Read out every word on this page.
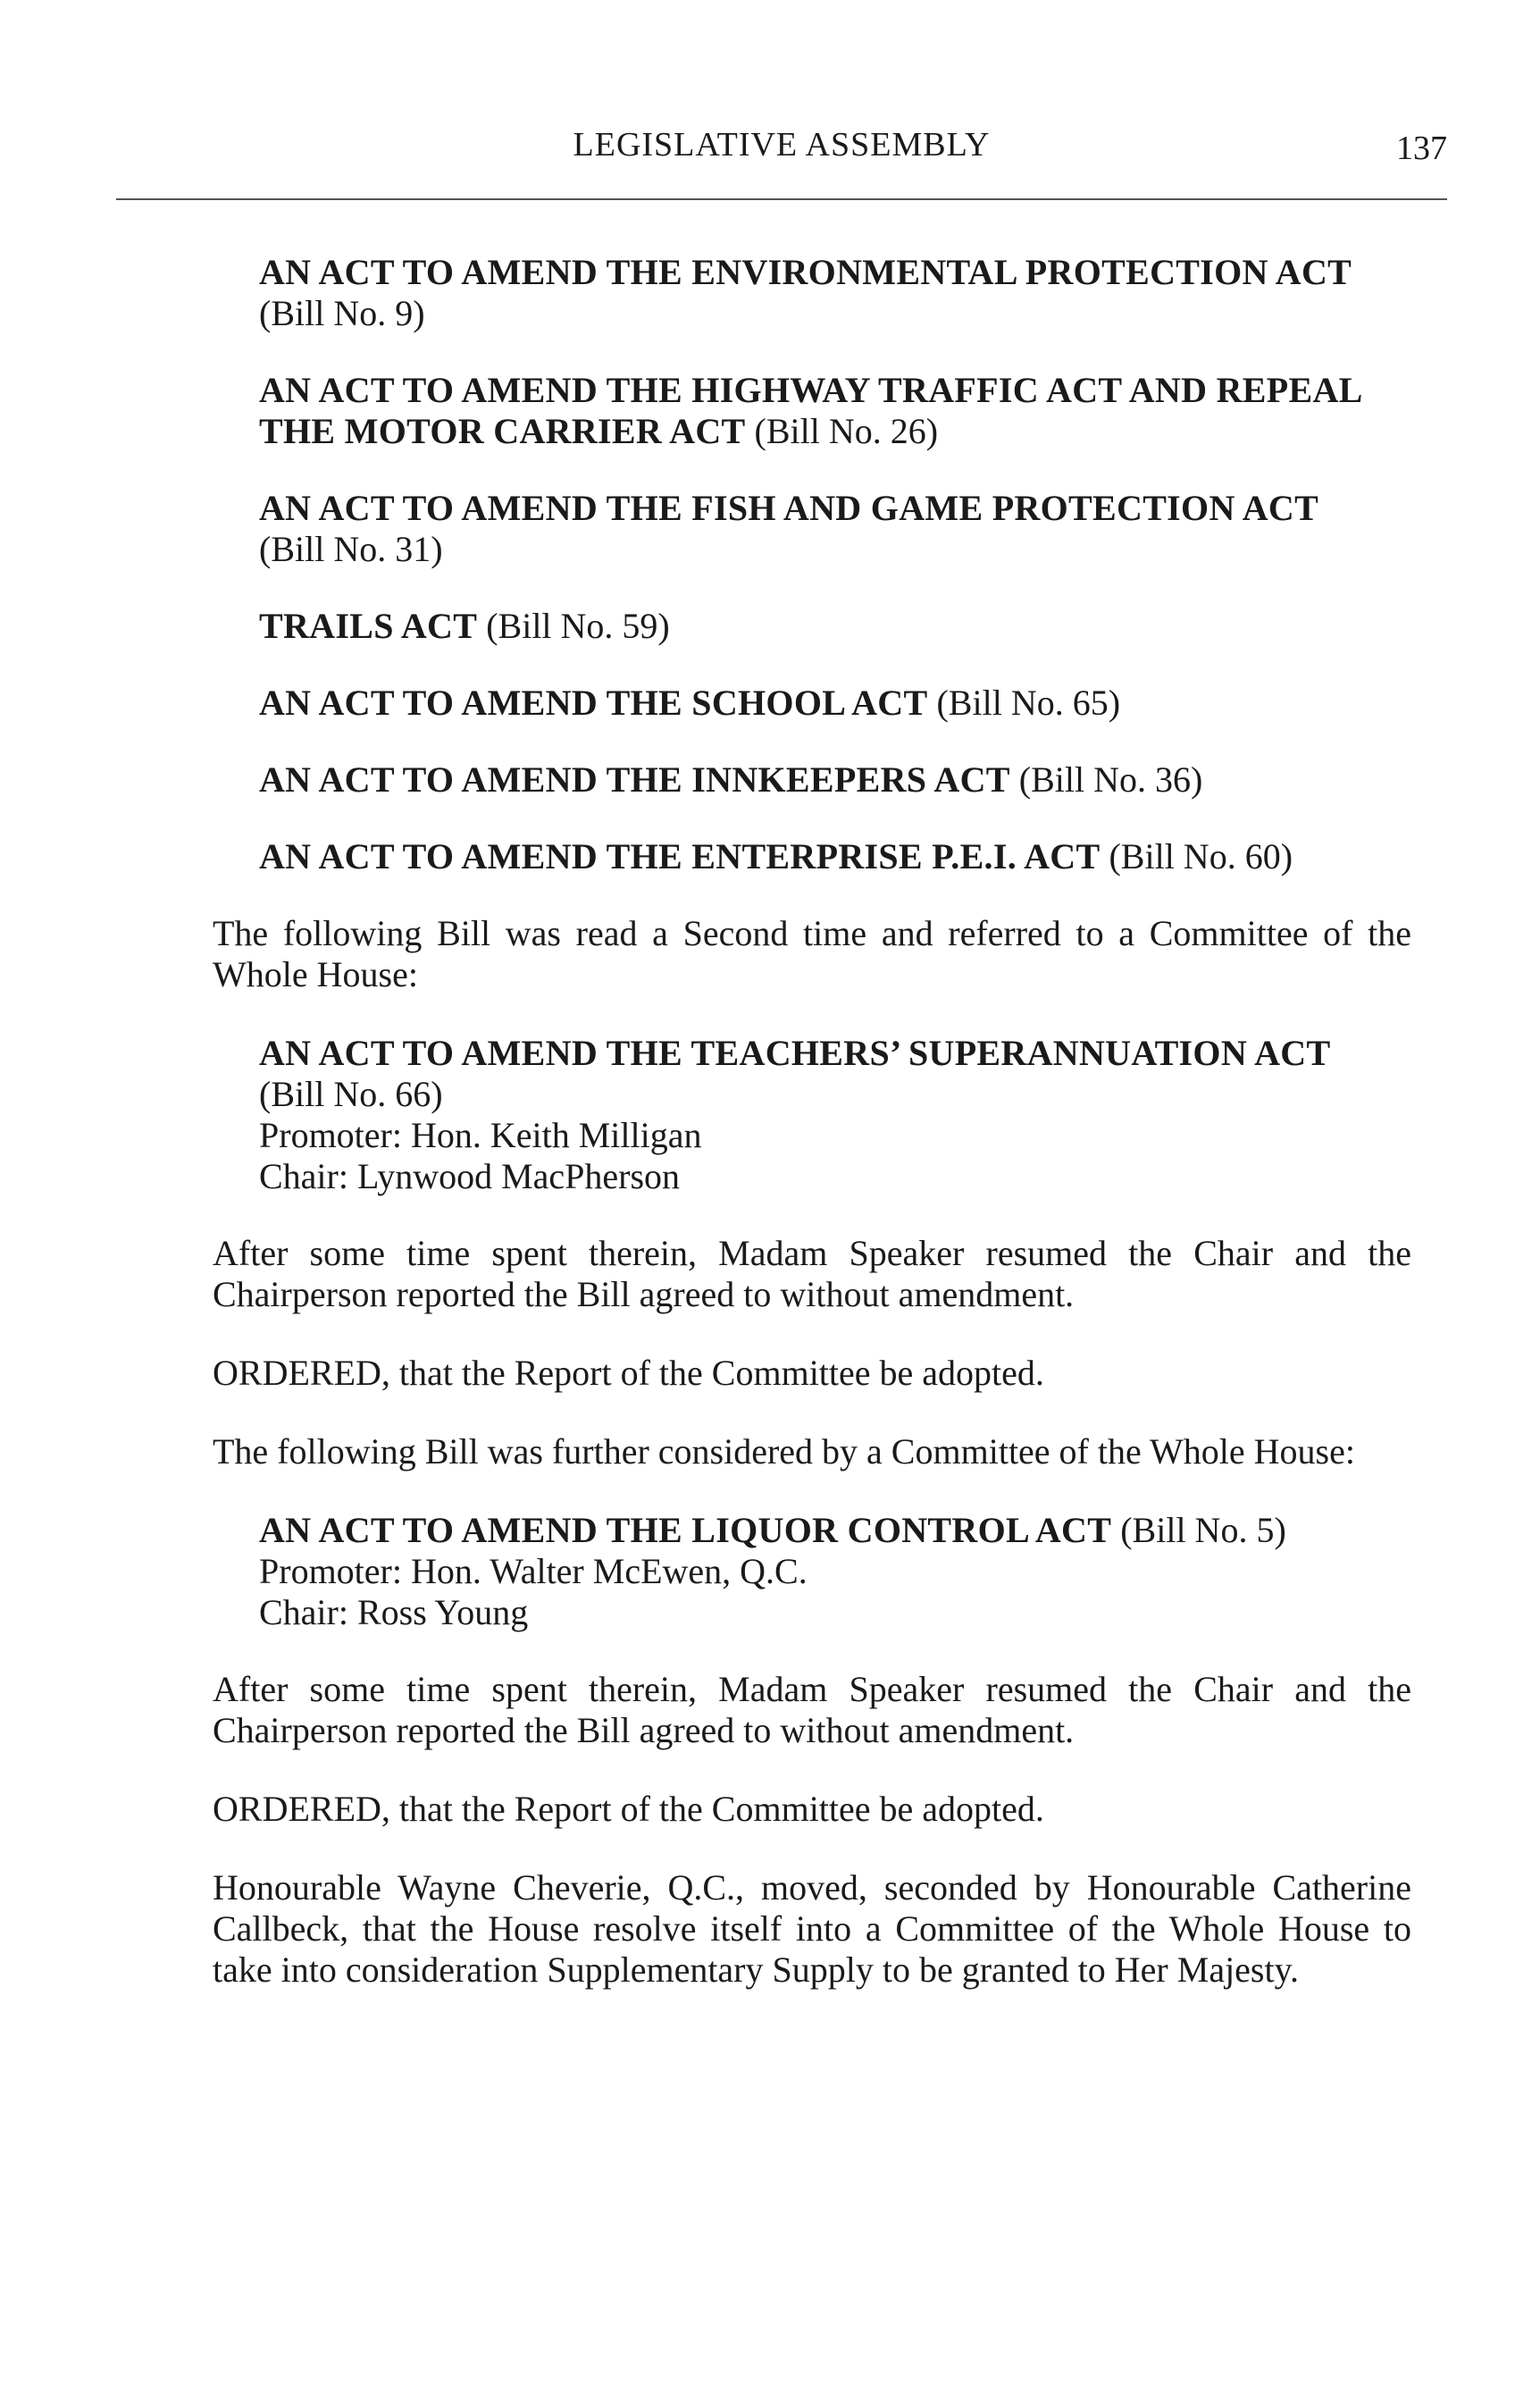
LEGISLATIVE ASSEMBLY	137
AN ACT TO AMEND THE ENVIRONMENTAL PROTECTION ACT
(Bill No. 9)
AN ACT TO AMEND THE HIGHWAY TRAFFIC ACT AND REPEAL THE MOTOR CARRIER ACT (Bill No. 26)
AN ACT TO AMEND THE FISH AND GAME PROTECTION ACT
(Bill No. 31)
TRAILS ACT (Bill No. 59)
AN ACT TO AMEND THE SCHOOL ACT (Bill No. 65)
AN ACT TO AMEND THE INNKEEPERS ACT (Bill No. 36)
AN ACT TO AMEND THE ENTERPRISE P.E.I. ACT (Bill No. 60)

The following Bill was read a Second time and referred to a Committee of the Whole House:

AN ACT TO AMEND THE TEACHERS’ SUPERANNUATION ACT

(Bill No. 66)
Promoter: Hon. Keith Milligan
Chair: Lynwood MacPherson

After some time spent therein, Madam Speaker resumed the Chair and the Chairperson reported the Bill agreed to without amendment.

ORDERED, that the Report of the Committee be adopted.

The following Bill was further considered by a Committee of the Whole House:

AN ACT TO AMEND THE LIQUOR CONTROL ACT (Bill No. 5)
Promoter: Hon. Walter McEwen, Q.C.
Chair: Ross Young

After some time spent therein, Madam Speaker resumed the Chair and the Chairperson reported the Bill agreed to without amendment.

ORDERED, that the Report of the Committee be adopted.

Honourable Wayne Cheverie, Q.C., moved, seconded by Honourable Catherine Callbeck, that the House resolve itself into a Committee of the Whole House to take into consideration Supplementary Supply to be granted to Her Majesty.
